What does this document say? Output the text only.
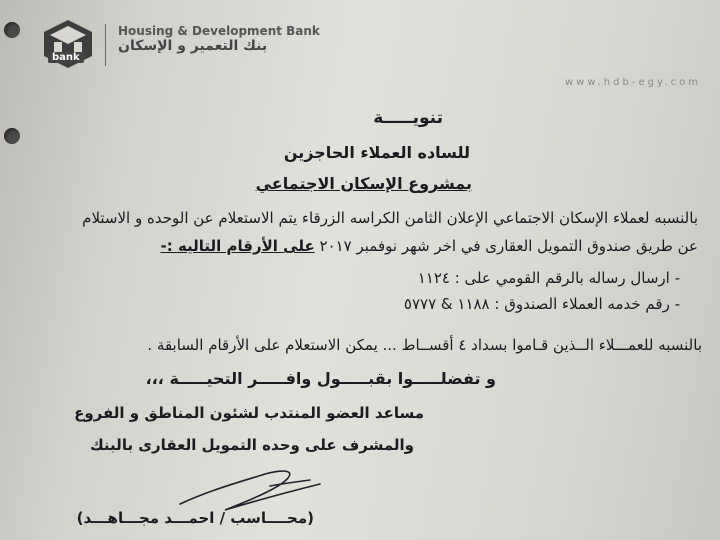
bank
Housing & Development Bank
بنك التعمير و الإسكان
www.hdb-egy.com
تنويـــــة
للساده العملاء الحاجزين
بمشروع الإسكان الاجتماعي
بالنسبه لعملاء الإسكان الاجتماعي الإعلان الثامن الكراسه الزرقاء يتم الاستعلام عن الوحده و الاستلام
عن طريق صندوق التمويل العقارى في اخر شهر نوفمبر ٢٠١٧ على الأرقام التاليه :-
- ارسال رساله بالرقم القومي على : ١١٢٤
- رقم خدمه العملاء الصندوق : ١١٨٨ & ٥٧٧٧
بالنسبه للعمـــلاء الــذين قـاموا بسداد ٤ أقســاط ... يمكن الاستعلام على الأرقام السابقة .
و تفضلـــــوا بقبـــــول وافـــــر التحيـــــة ،،،
مساعد العضو المنتدب لشئون المناطق و الفروع
والمشرف على وحده التمويل العقارى بالبنك
(محــــاسب / احمـــد مجـــاهـــد)
